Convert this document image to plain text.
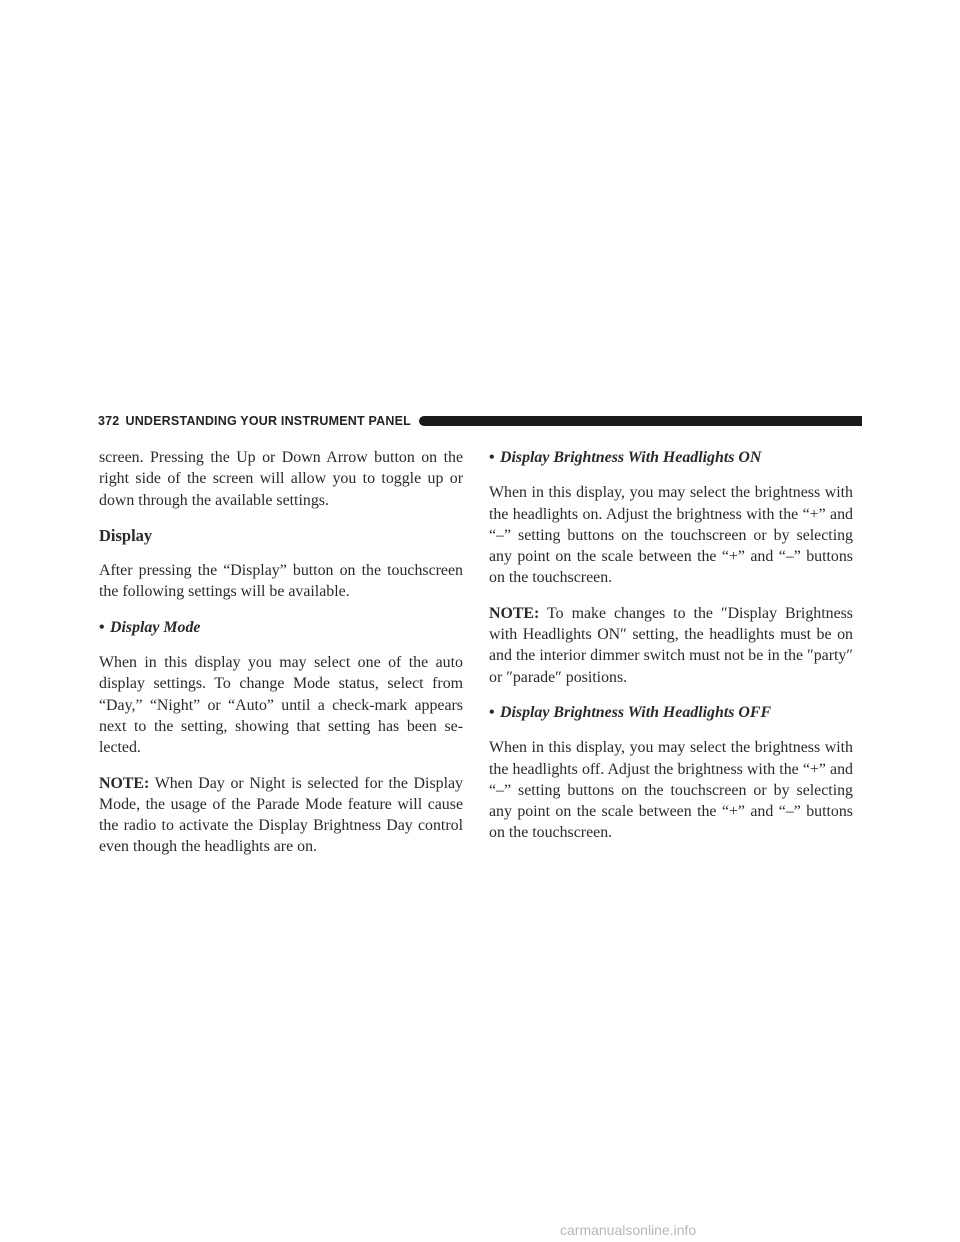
372 UNDERSTANDING YOUR INSTRUMENT PANEL

screen. Pressing the Up or Down Arrow button on the right side of the screen will allow you to toggle up or down through the available settings.

Display

After pressing the “Display” button on the touchscreen the following settings will be available.

• Display Mode

When in this display you may select one of the auto display settings. To change Mode status, select from “Day,” “Night” or “Auto” until a check-mark appears next to the setting, showing that setting has been se- lected.

NOTE: When Day or Night is selected for the Display Mode, the usage of the Parade Mode feature will cause the radio to activate the Display Brightness Day control even though the headlights are on.

• Display Brightness With Headlights ON

When in this display, you may select the brightness with the headlights on. Adjust the brightness with the “+” and “–” setting buttons on the touchscreen or by selecting any point on the scale between the “+” and “–” buttons on the touchscreen.

NOTE: To make changes to the ″Display Brightness with Headlights ON″ setting, the headlights must be on and the interior dimmer switch must not be in the ″party″ or ″parade″ positions.

• Display Brightness With Headlights OFF

When in this display, you may select the brightness with the headlights off. Adjust the brightness with the “+” and “–” setting buttons on the touchscreen or by selecting any point on the scale between the “+” and “–” buttons on the touchscreen.

carmanualsonline.info
